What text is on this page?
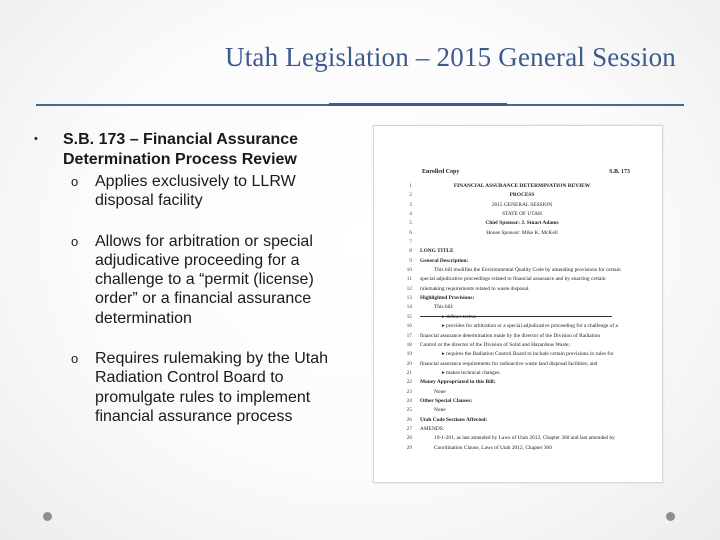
Utah Legislation – 2015 General Session
• S.B. 173 – Financial Assurance Determination Process Review
o Applies exclusively to LLRW disposal facility
o Allows for arbitration or special adjudicative proceeding for a challenge to a “permit (license) order” or a financial assurance determination
o Requires rulemaking by the Utah Radiation Control Board to promulgate rules to implement financial assurance process
Enrolled Copy	S.B. 173
1	FINANCIAL ASSURANCE DETERMINATION REVIEW
2	PROCESS
3	2015 GENERAL SESSION
4	STATE OF UTAH
5	Chief Sponsor: J. Stuart Adams
6	House Sponsor: Mike K. McKell
7
8 LONG TITLE
9 General Description:
10	This bill modifies the Environmental Quality Code by amending provisions for certain
11 special adjudicative proceedings related to financial assurance and by enacting certain
12 rulemaking requirements related to waste disposal.
13 Highlighted Provisions:
14	This bill:
15	▸ defines terms;
16	▸ provides for arbitration or a special adjudicative proceeding for a challenge of a
17 financial assurance determination made by the director of the Division of Radiation
18 Control or the director of the Division of Solid and Hazardous Waste;
19	▸ requires the Radiation Control Board to include certain provisions in rules for
20 financial assurance requirements for radioactive waste land disposal facilities; and
21	▸ makes technical changes.
22 Money Appropriated in this Bill:
23	None
24 Other Special Clauses:
25	None
26 Utah Code Sections Affected:
27 AMENDS:
28	19-1-201, as last amended by Laws of Utah 2012, Chapter 360 and last amended by
29	Coordination Clause, Laws of Utah 2012, Chapter 360
